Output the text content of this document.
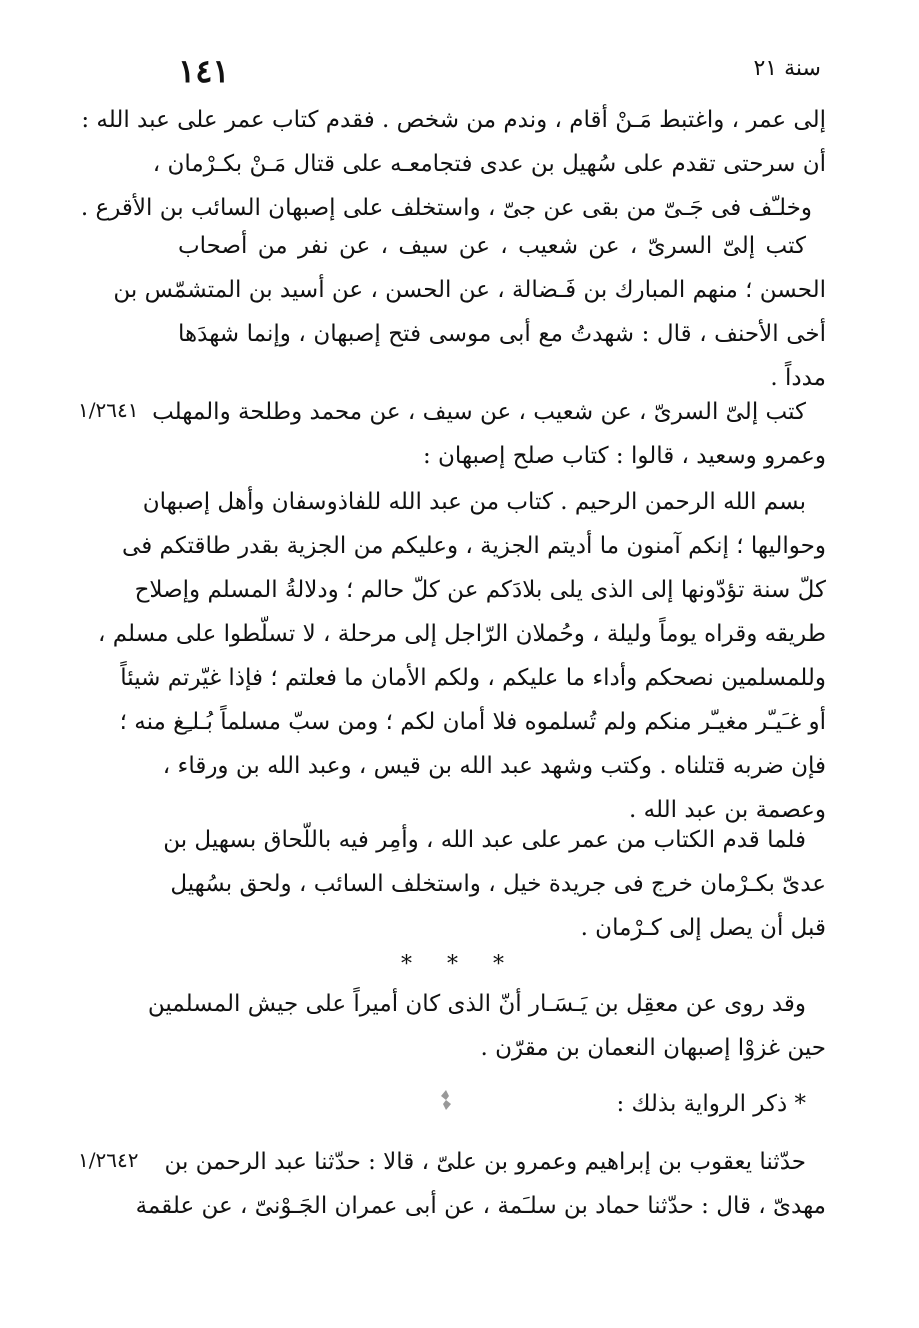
١٤١	سنة ٢١
إلى عمر ، واغتبط مَـنْ أقام ، وندم من شخص . فقدم كتاب عمر على عبد الله :
أن سرحتى تقدم على سُهيل بن عدى فتجامعـه على قتال مَـنْ بكـرْمان ،
وخلـّف فى جَـىّ من بقى عن جىّ ، واستخلف على إصبهان السائب بن الأقرع .
كتب إلىّ السرىّ ، عن شعيب ، عن سيف ، عن نفر من أصحاب
الحسن ؛ منهم المبارك بن فَـضالة ، عن الحسن ، عن أسيد بن المتشمّس بن
أخى الأحنف ، قال : شهدتُ مع أبى موسى فتح إصبهان ، وإنما شهدَها
مدداً .
١/٢٦٤١ كتب إلىّ السرىّ ، عن شعيب ، عن سيف ، عن محمد وطلحة والمهلب
وعمرو وسعيد ، قالوا : كتاب صلح إصبهان :
بسم الله الرحمن الرحيم . كتاب من عبد الله للفاذوسفان وأهل إصبهان
وحواليها ؛ إنكم آمنون ما أديتم الجزية ، وعليكم من الجزية بقدر طاقتكم فى
كلّ سنة تؤدّونها إلى الذى يلى بلادَكم عن كلّ حالم ؛ ودلالةُ المسلم وإصلاح
طريقه وقراه يوماً وليلة ، وحُملان الرّاجل إلى مرحلة ، لا تسلّطوا على مسلم ،
وللمسلمين نصحكم وأداء ما عليكم ، ولكم الأمان ما فعلتم ؛ فإذا غيّرتم شيئاً
أو غـَيـّر مغيـّر منكم ولم تُسلموه فلا أمان لكم ؛ ومن سبّ مسلماً بُـلـِغ منه ؛
فإن ضربه قتلناه . وكتب وشهد عبد الله بن قيس ، وعبد الله بن ورقاء ،
وعصمة بن عبد الله .
فلما قدم الكتاب من عمر على عبد الله ، وأمِر فيه باللّحاق بسهيل بن
عدىّ بكـرْمان خرج فى جريدة خيل ، واستخلف السائب ، ولحق بسُهيل
قبل أن يصل إلى كـرْمان .
* * *
وقد روى عن معقِل بن يَـسَـار أنّ الذى كان أميراً على جيش المسلمين
حين غزوْا إصبهان النعمان بن مقرّن .
* ذكر الرواية بذلك :
١/٢٦٤٢	حدّثنا يعقوب بن إبراهيم وعمرو بن علىّ ، قالا : حدّثنا عبد الرحمن بن
مهدىّ ، قال : حدّثنا حماد بن سلـَمة ، عن أبى عمران الجَـوْنىّ ، عن علقمة
